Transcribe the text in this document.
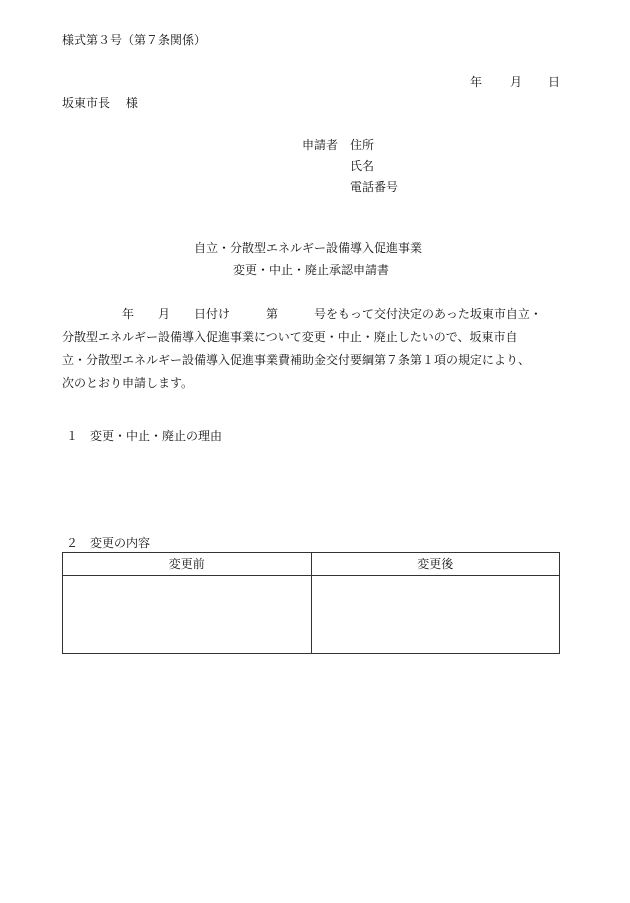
様式第３号（第７条関係）
年 月 日
坂東市長　 様
申請者 住所
氏名
電話番号
自立・分散型エネルギー設備導入促進事業
変更・中止・廃止承認申請書
　　　　　年　　月　　日付け　　　第　　　号をもって交付決定のあった坂東市自立・
分散型エネルギー設備導入促進事業について変更・中止・廃止したいので、坂東市自
立・分散型エネルギー設備導入促進事業費補助金交付要綱第７条第１項の規定により、
次のとおり申請します。
１　変更・中止・廃止の理由
２　変更の内容
変更前	変更後
